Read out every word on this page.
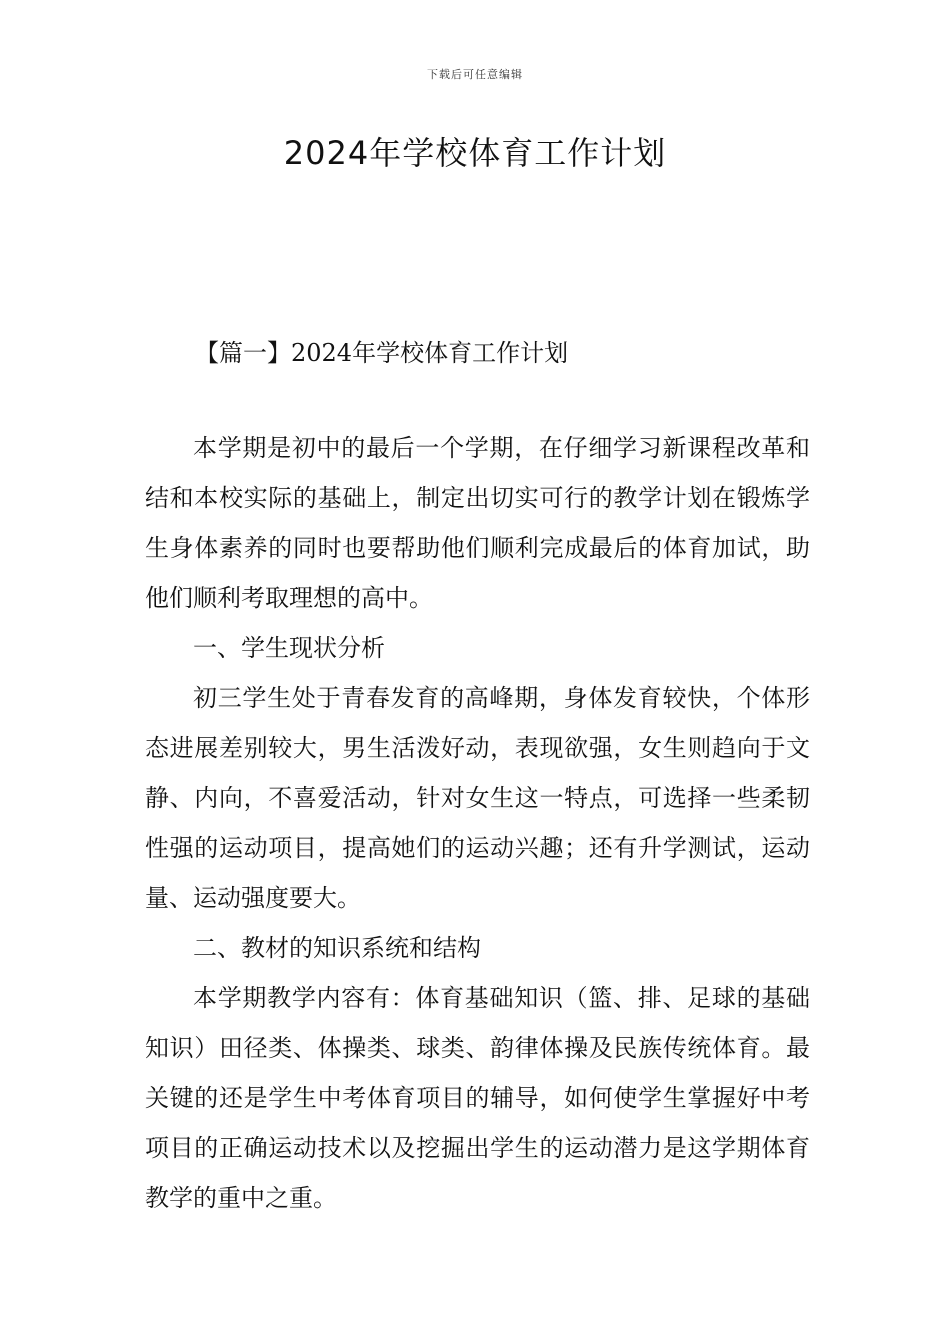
下载后可任意编辑
2024年学校体育工作计划
【篇一】2024年学校体育工作计划

本学期是初中的最后一个学期，在仔细学习新课程改革和结和本校实际的基础上，制定出切实可行的教学计划在锻炼学生身体素养的同时也要帮助他们顺利完成最后的体育加试，助他们顺利考取理想的高中。

一、学生现状分析

初三学生处于青春发育的高峰期，身体发育较快，个体形态进展差别较大，男生活泼好动，表现欲强，女生则趋向于文静、内向，不喜爱活动，针对女生这一特点，可选择一些柔韧性强的运动项目，提高她们的运动兴趣；还有升学测试，运动量、运动强度要大。

二、教材的知识系统和结构

本学期教学内容有：体育基础知识（篮、排、足球的基础知识）田径类、体操类、球类、韵律体操及民族传统体育。最关键的还是学生中考体育项目的辅导，如何使学生掌握好中考项目的正确运动技术以及挖掘出学生的运动潜力是这学期体育教学的重中之重。
